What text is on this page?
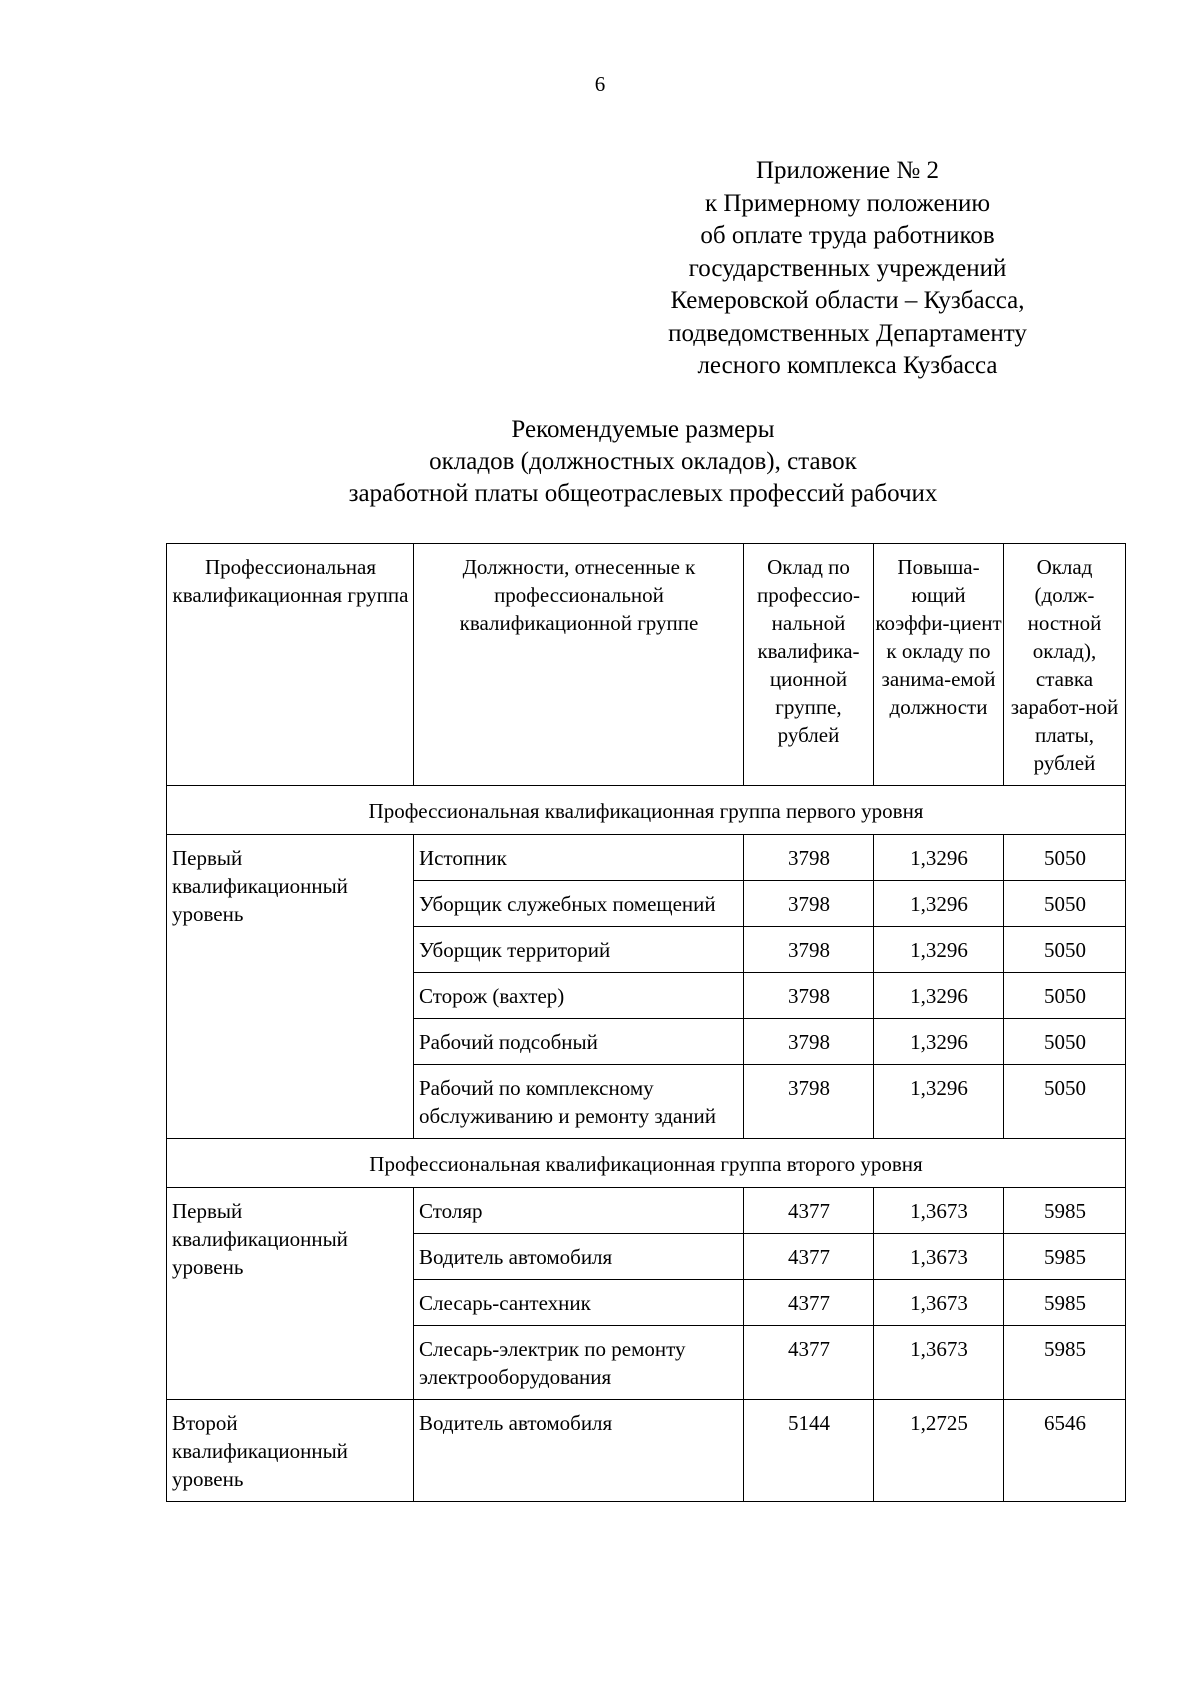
6
Приложение № 2
к Примерному положению
об оплате труда работников
государственных учреждений
Кемеровской области – Кузбасса,
подведомственных Департаменту
лесного комплекса Кузбасса
Рекомендуемые размеры
окладов (должностных окладов), ставок
заработной платы общеотраслевых профессий рабочих
Профессиональная квалификационная группа	Должности, отнесенные к профессиональной квалификационной группе	Оклад по профессио-нальной квалифика-ционной группе, рублей	Повыша-ющий коэффи-циент к окладу по занима-емой должности	Оклад (долж-ностной оклад), ставка заработ-ной платы, рублей
Профессиональная квалификационная группа первого уровня				
Первый квалификационный уровень	Истопник	3798	1,3296	5050
	Уборщик служебных помещений	3798	1,3296	5050
	Уборщик территорий	3798	1,3296	5050
	Сторож (вахтер)	3798	1,3296	5050
	Рабочий подсобный	3798	1,3296	5050
	Рабочий по комплексному обслуживанию и ремонту зданий	3798	1,3296	5050
Профессиональная квалификационная группа второго уровня				
Первый квалификационный уровень	Столяр	4377	1,3673	5985
	Водитель автомобиля	4377	1,3673	5985
	Слесарь-сантехник	4377	1,3673	5985
	Слесарь-электрик по ремонту электрооборудования	4377	1,3673	5985
Второй квалификационный уровень	Водитель автомобиля	5144	1,2725	6546
